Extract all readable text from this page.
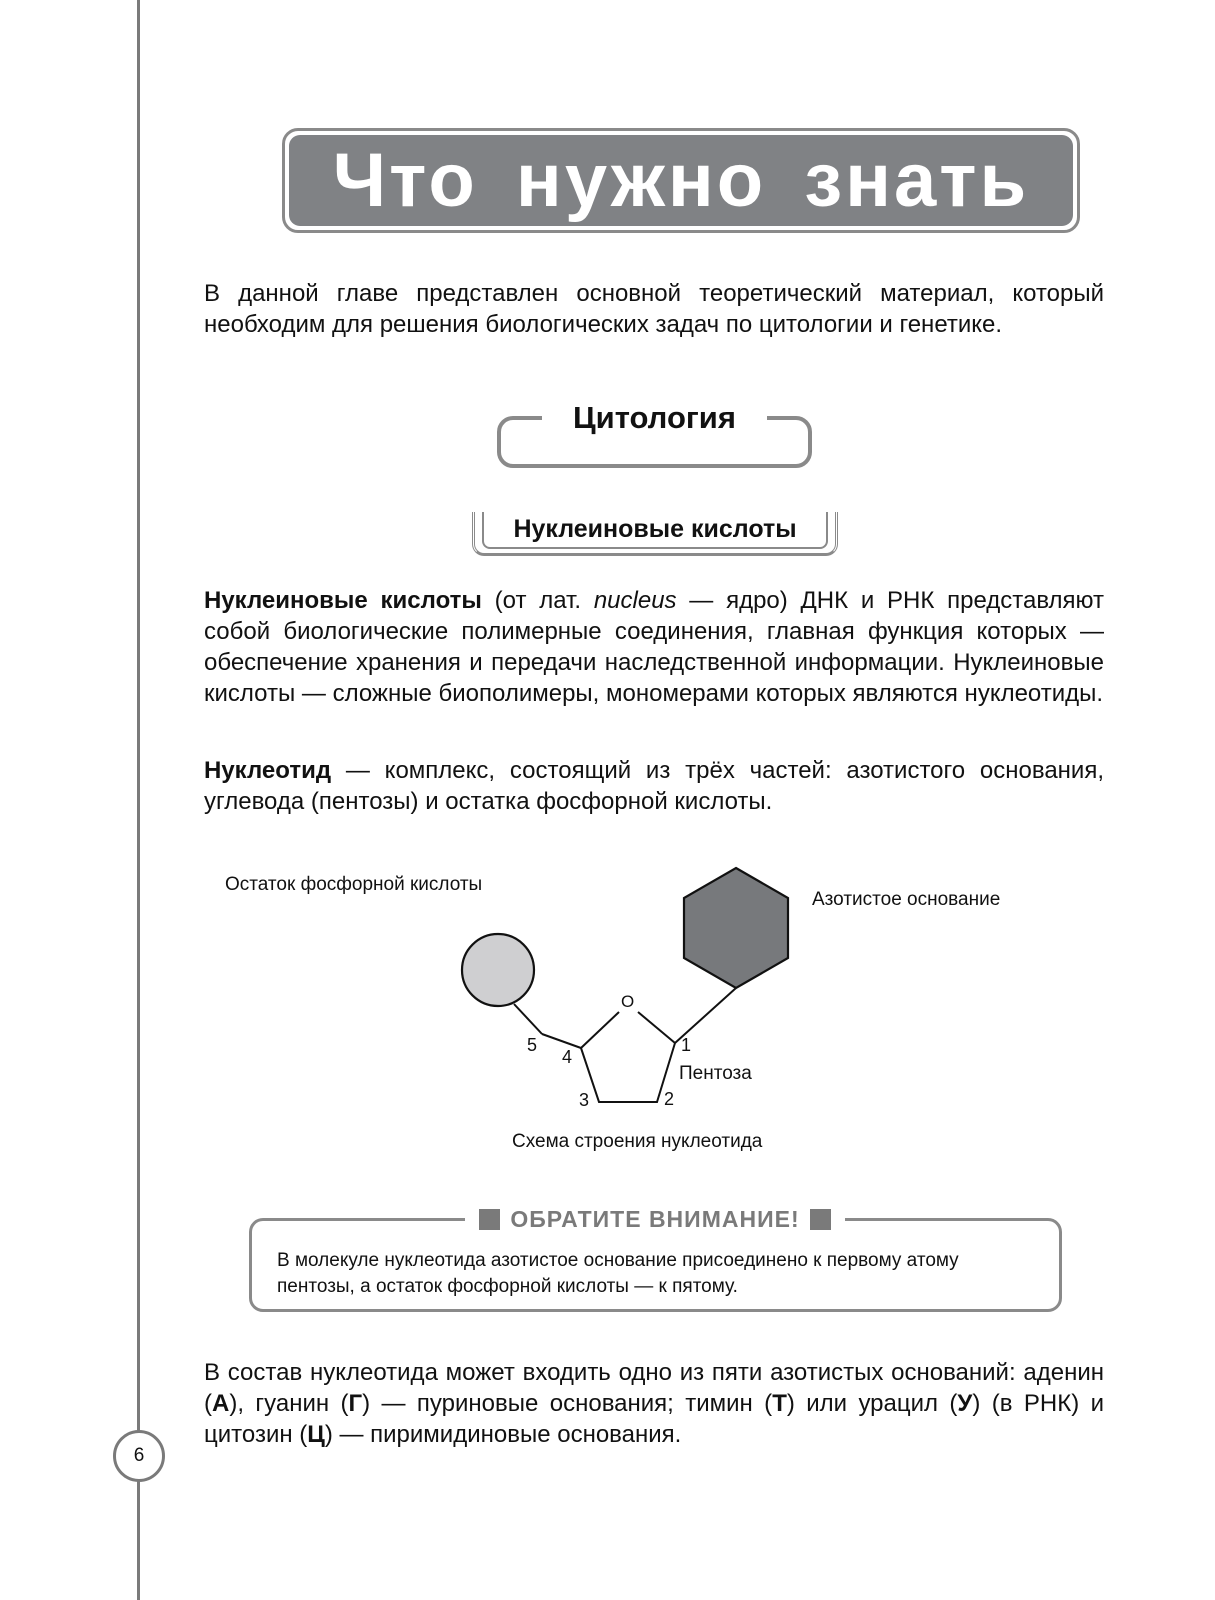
6
Что нужно знать
В данной главе представлен основной теоретический материал, который необходим для решения биологических задач по цитологии и генетике.
Цитология
Нуклеиновые кислоты
Нуклеиновые кислоты (от лат. nucleus — ядро) ДНК и РНК представляют собой биологические полимерные соединения, главная функция которых — обеспечение хранения и передачи наследственной информации. Нуклеиновые кислоты — сложные биополимеры, мономерами которых являются нуклеотиды.
Нуклеотид — комплекс, состоящий из трёх частей: азотистого основания, углевода (пентозы) и остатка фосфорной кислоты.
Остаток фосфорной кислоты
Азотистое основание
O
1
2
3
4
5
Пентоза
Схема строения нуклеотида
ОБРАТИТЕ ВНИМАНИЕ!
В молекуле нуклеотида азотистое основание присоединено к первому атому пентозы, а остаток фосфорной кислоты — к пятому.
В состав нуклеотида может входить одно из пяти азотистых оснований: аденин (А), гуанин (Г) — пуриновые основания; тимин (Т) или урацил (У) (в РНК) и цитозин (Ц) — пиримидиновые основания.
